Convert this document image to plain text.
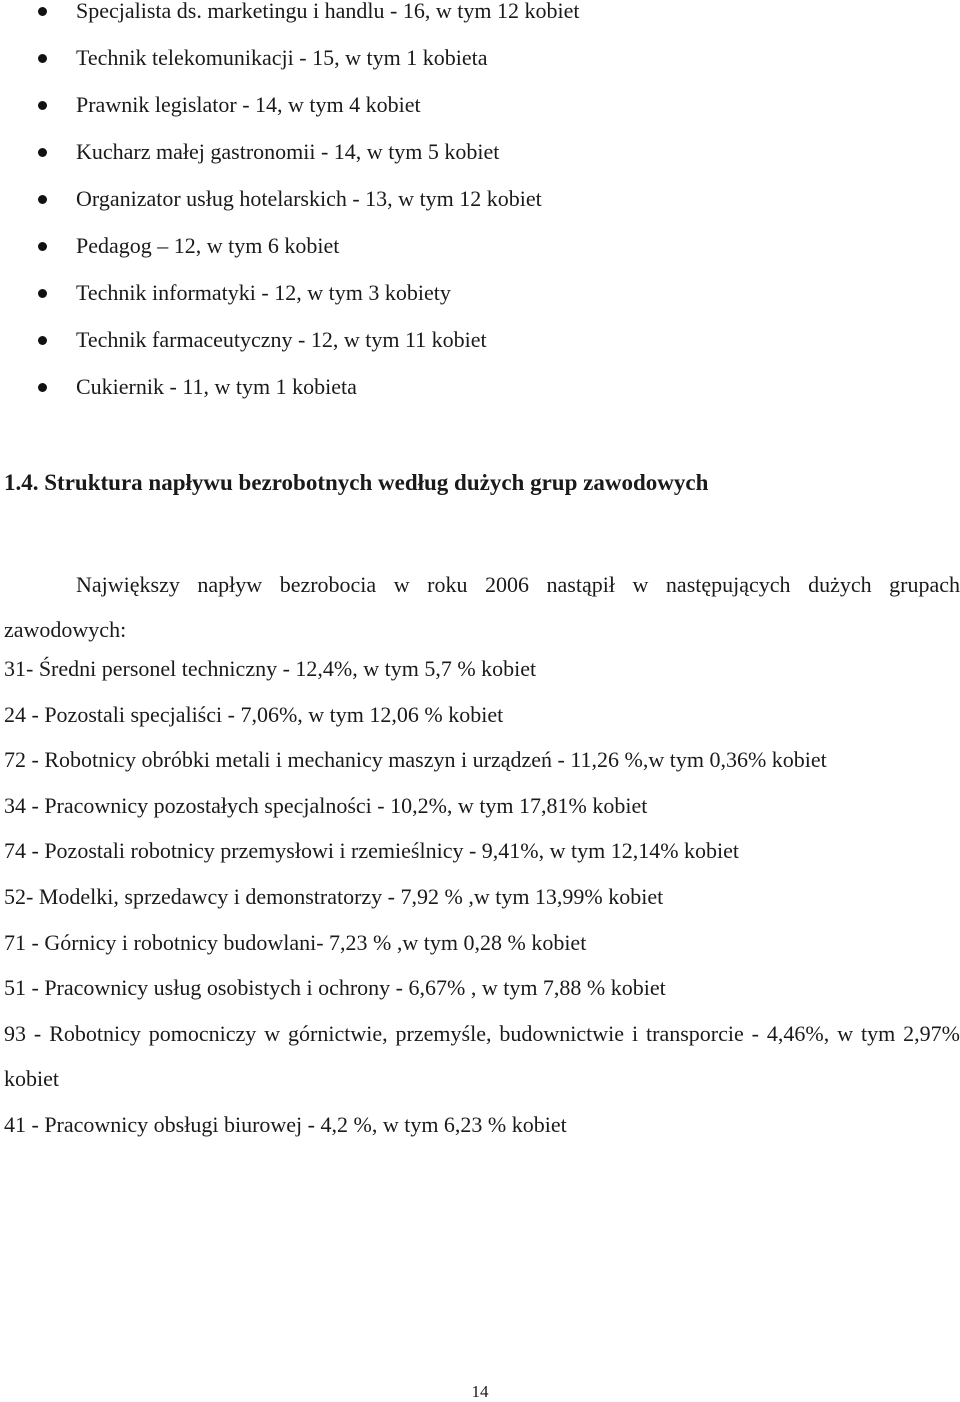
Specjalista ds. marketingu i handlu - 16, w tym 12 kobiet
Technik telekomunikacji - 15, w tym 1 kobieta
Prawnik legislator - 14, w tym 4 kobiet
Kucharz małej gastronomii - 14, w tym 5 kobiet
Organizator usług hotelarskich - 13, w tym 12 kobiet
Pedagog – 12, w tym 6 kobiet
Technik informatyki - 12, w tym 3 kobiety
Technik farmaceutyczny - 12, w tym 11 kobiet
Cukiernik - 11, w tym 1 kobieta
1.4. Struktura napływu bezrobotnych według dużych grup zawodowych

Największy napływ bezrobocia w roku 2006 nastąpił w następujących dużych grupach zawodowych:

31- Średni personel techniczny - 12,4%, w tym 5,7 % kobiet

24 - Pozostali specjaliści - 7,06%, w tym 12,06 % kobiet

72 - Robotnicy obróbki metali i mechanicy maszyn i urządzeń - 11,26 %,w tym 0,36% kobiet

34 - Pracownicy pozostałych specjalności - 10,2%, w tym 17,81% kobiet

74 - Pozostali robotnicy przemysłowi i rzemieślnicy - 9,41%, w tym 12,14% kobiet

52- Modelki, sprzedawcy i demonstratorzy - 7,92 % ,w tym 13,99% kobiet

71 - Górnicy i robotnicy budowlani- 7,23 % ,w tym 0,28 % kobiet

51 - Pracownicy usług osobistych i ochrony - 6,67% , w tym 7,88 % kobiet

93 - Robotnicy pomocniczy w górnictwie, przemyśle, budownictwie i transporcie - 4,46%, w tym 2,97% kobiet

41 - Pracownicy obsługi biurowej - 4,2 %, w tym 6,23 % kobiet

14
